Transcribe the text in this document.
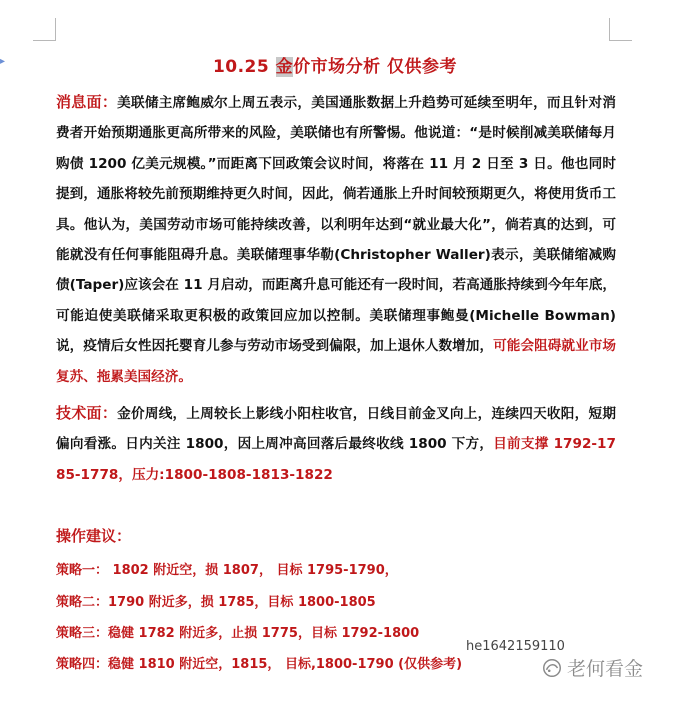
▸	10.25 金价市场分析 仅供参考
消息面：美联储主席鲍威尔上周五表示，美国通胀数据上升趋势可延续至明年，而且针对消费者开始预期通胀更高所带来的风险，美联储也有所警惕。他说道：“是时候削减美联储每月购债 1200 亿美元规模。”而距离下回政策会议时间，将落在 11 月 2 日至 3 日。他也同时提到，通胀将较先前预期维持更久时间，因此，倘若通胀上升时间较预期更久，将使用货币工具。他认为，美国劳动市场可能持续改善，以利明年达到“就业最大化”，倘若真的达到，可能就没有任何事能阻碍升息。美联储理事华勒(Christopher Waller)表示，美联储缩减购债(Taper)应该会在 11 月启动，而距离升息可能还有一段时间，若高通胀持续到今年年底，可能迫使美联储采取更积极的政策回应加以控制。美联储理事鲍曼(Michelle Bowman)说，疫情后女性因托婴育儿参与劳动市场受到偏限，加上退休人数增加，可能会阻碍就业市场复苏、拖累美国经济。
技术面：金价周线，上周较长上影线小阳柱收官，日线目前金叉向上，连续四天收阳，短期偏向看涨。日内关注 1800，因上周冲高回落后最终收线 1800 下方，目前支撑 1792-1785-1778，压力:1800-1808-1813-1822
操作建议：
策略一： 1802 附近空，损 1807， 目标 1795-1790，
策略二：1790 附近多，损 1785，目标 1800-1805
策略三：稳健 1782 附近多，止损 1775，目标 1792-1800
策略四：稳健 1810 附近空，1815， 目标,1800-1790 (仅供参考)
he1642159110
老何看金
